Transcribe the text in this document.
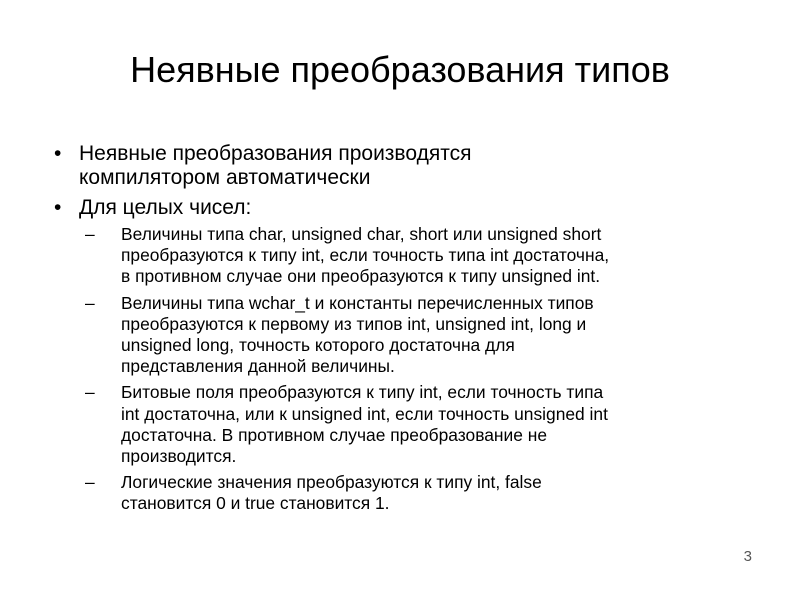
Неявные преобразования типов
• Неявные преобразования производятся
компилятором автоматически
• Для целых чисел:
– Величины типа char, unsigned char, short или unsigned short
преобразуются к типу int, если точность типа int достаточна,
в противном случае они преобразуются к типу unsigned int.
– Величины типа wchar_t и константы перечисленных типов
преобразуются к первому из типов int, unsigned int, long и
unsigned long, точность которого достаточна для
представления данной величины.
– Битовые поля преобразуются к типу int, если точность типа
int достаточна, или к unsigned int, если точность unsigned int
достаточна. В противном случае преобразование не
производится.
– Логические значения преобразуются к типу int, false
становится 0 и true становится 1.
3
